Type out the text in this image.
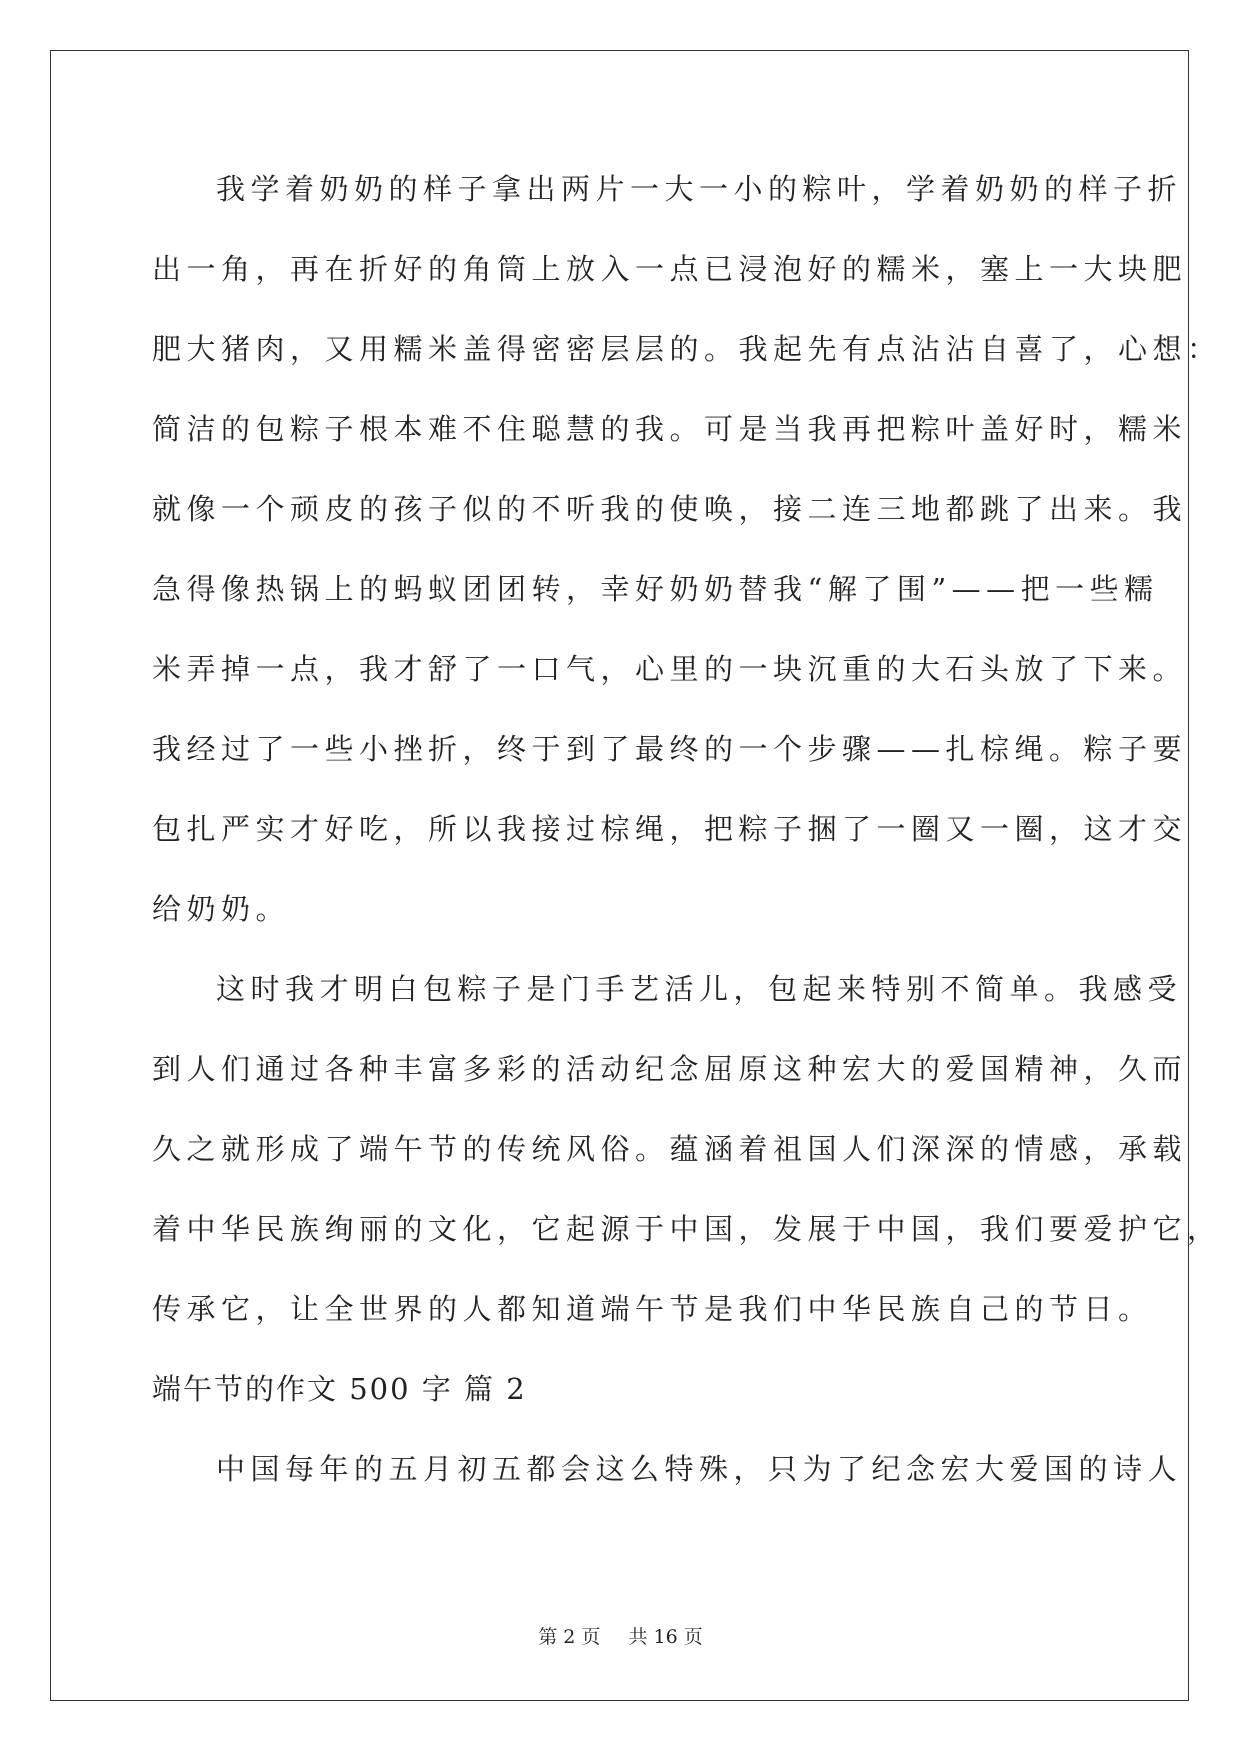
我学着奶奶的样子拿出两片一大一小的粽叶，学着奶奶的样子折
出一角，再在折好的角筒上放入一点已浸泡好的糯米，塞上一大块肥
肥大猪肉，又用糯米盖得密密层层的。我起先有点沾沾自喜了，心想：
简洁的包粽子根本难不住聪慧的我。可是当我再把粽叶盖好时，糯米
就像一个顽皮的孩子似的不听我的使唤，接二连三地都跳了出来。我
急得像热锅上的蚂蚁团团转，幸好奶奶替我“解了围”——把一些糯
米弄掉一点，我才舒了一口气，心里的一块沉重的大石头放了下来。
我经过了一些小挫折，终于到了最终的一个步骤——扎棕绳。粽子要
包扎严实才好吃，所以我接过棕绳，把粽子捆了一圈又一圈，这才交
给奶奶。
这时我才明白包粽子是门手艺活儿，包起来特别不简单。我感受
到人们通过各种丰富多彩的活动纪念屈原这种宏大的爱国精神，久而
久之就形成了端午节的传统风俗。蕴涵着祖国人们深深的情感，承载
着中华民族绚丽的文化，它起源于中国，发展于中国，我们要爱护它，
传承它，让全世界的人都知道端午节是我们中华民族自己的节日。
端午节的作文 500 字 篇 2
中国每年的五月初五都会这么特殊，只为了纪念宏大爱国的诗人
第 2 页 共 16 页
